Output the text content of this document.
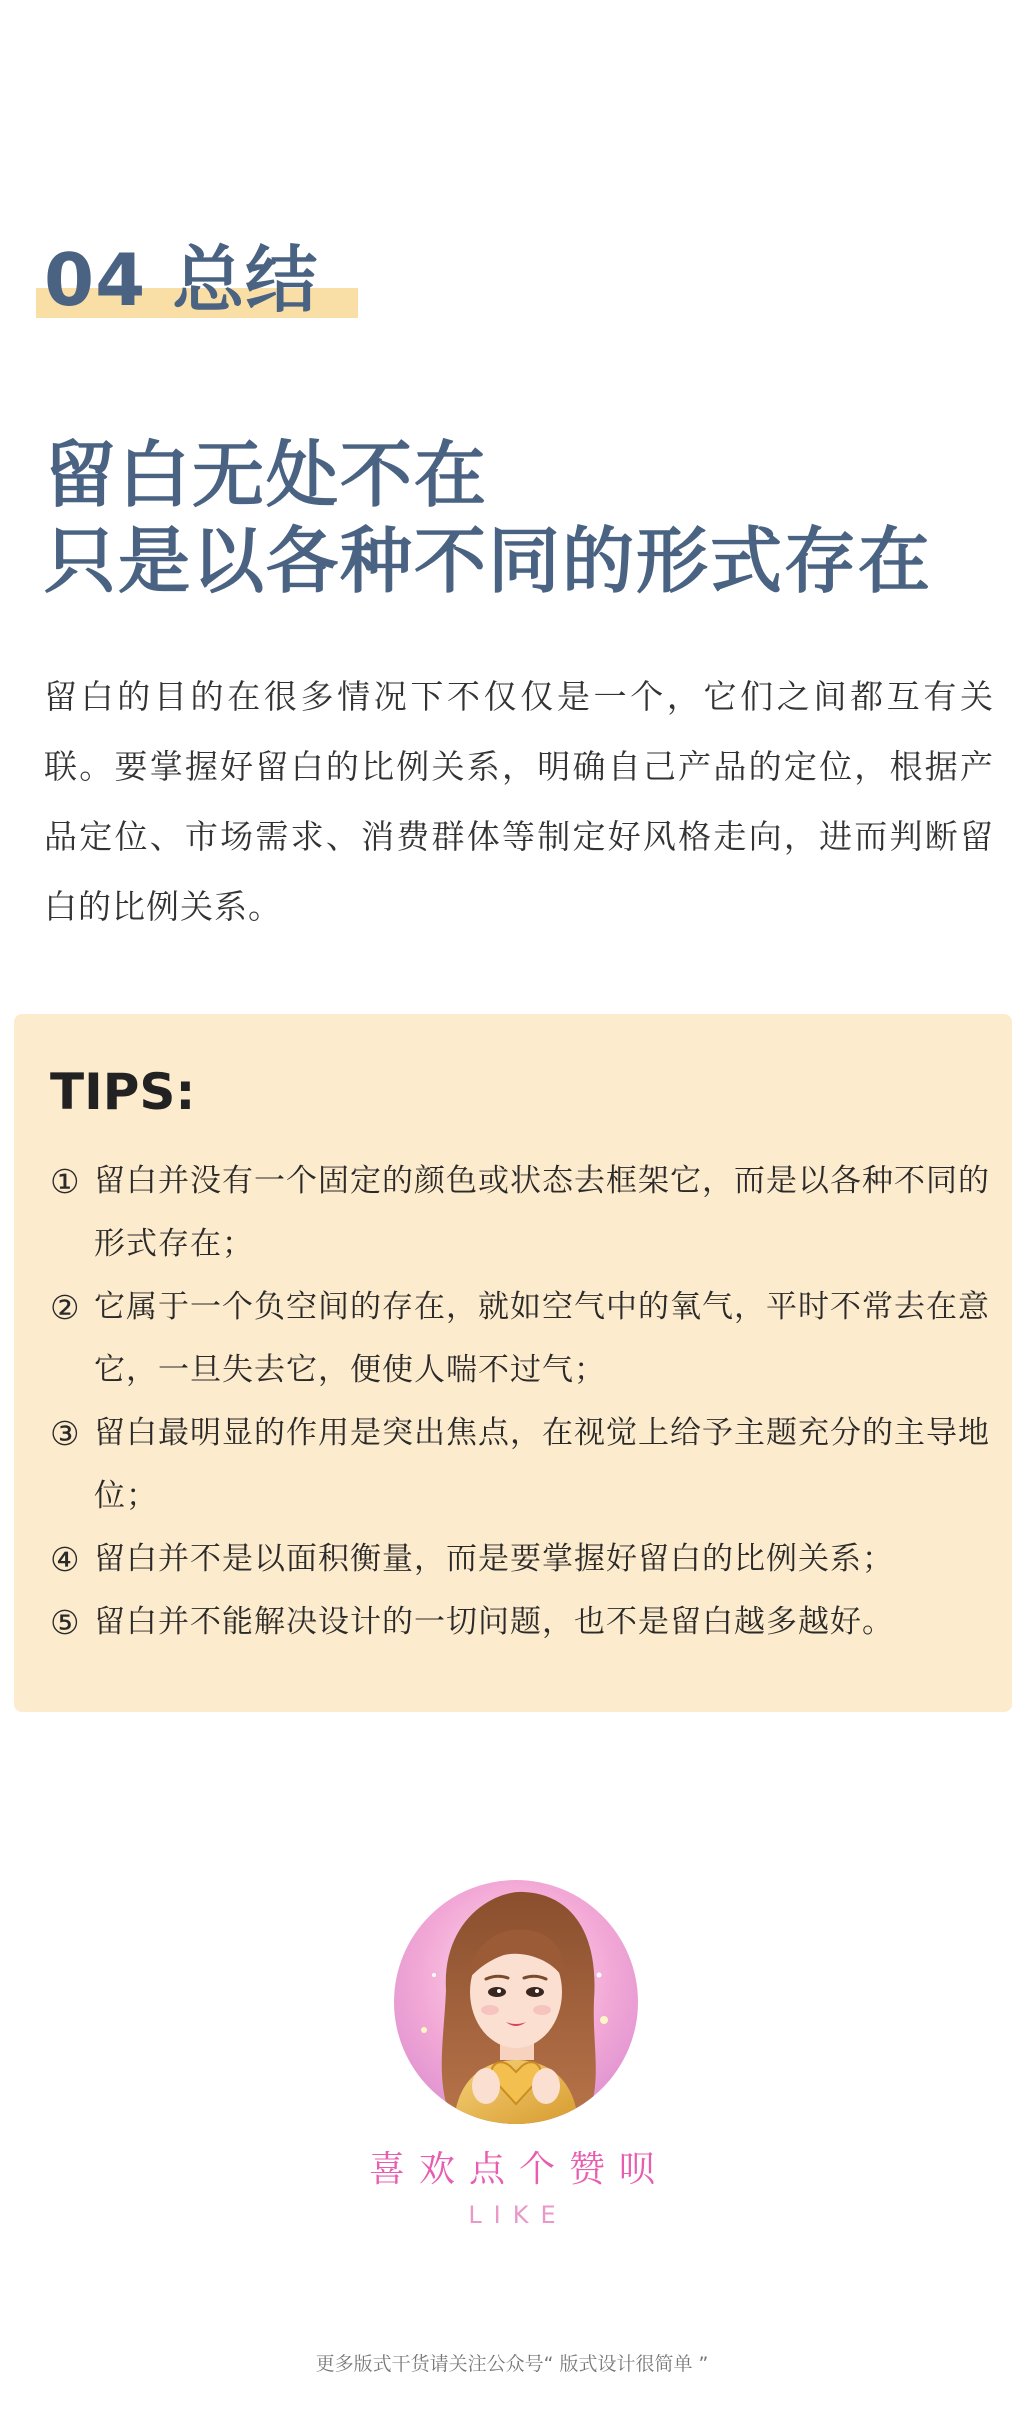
04 总结
留白无处不在
只是以各种不同的形式存在

留白的目的在很多情况下不仅仅是一个，它们之间都互有关联。要掌握好留白的比例关系，明确自己产品的定位，根据产品定位、市场需求、消费群体等制定好风格走向，进而判断留白的比例关系。

TIPS:
① 留白并没有一个固定的颜色或状态去框架它，而是以各种不同的形式存在；
② 它属于一个负空间的存在，就如空气中的氧气，平时不常去在意它，一旦失去它，便使人喘不过气；
③ 留白最明显的作用是突出焦点，在视觉上给予主题充分的主导地位；
④ 留白并不是以面积衡量，而是要掌握好留白的比例关系；
⑤ 留白并不能解决设计的一切问题，也不是留白越多越好。
喜欢点个赞呗
LIKE
更多版式干货请关注公众号“ 版式设计很简单 ”
